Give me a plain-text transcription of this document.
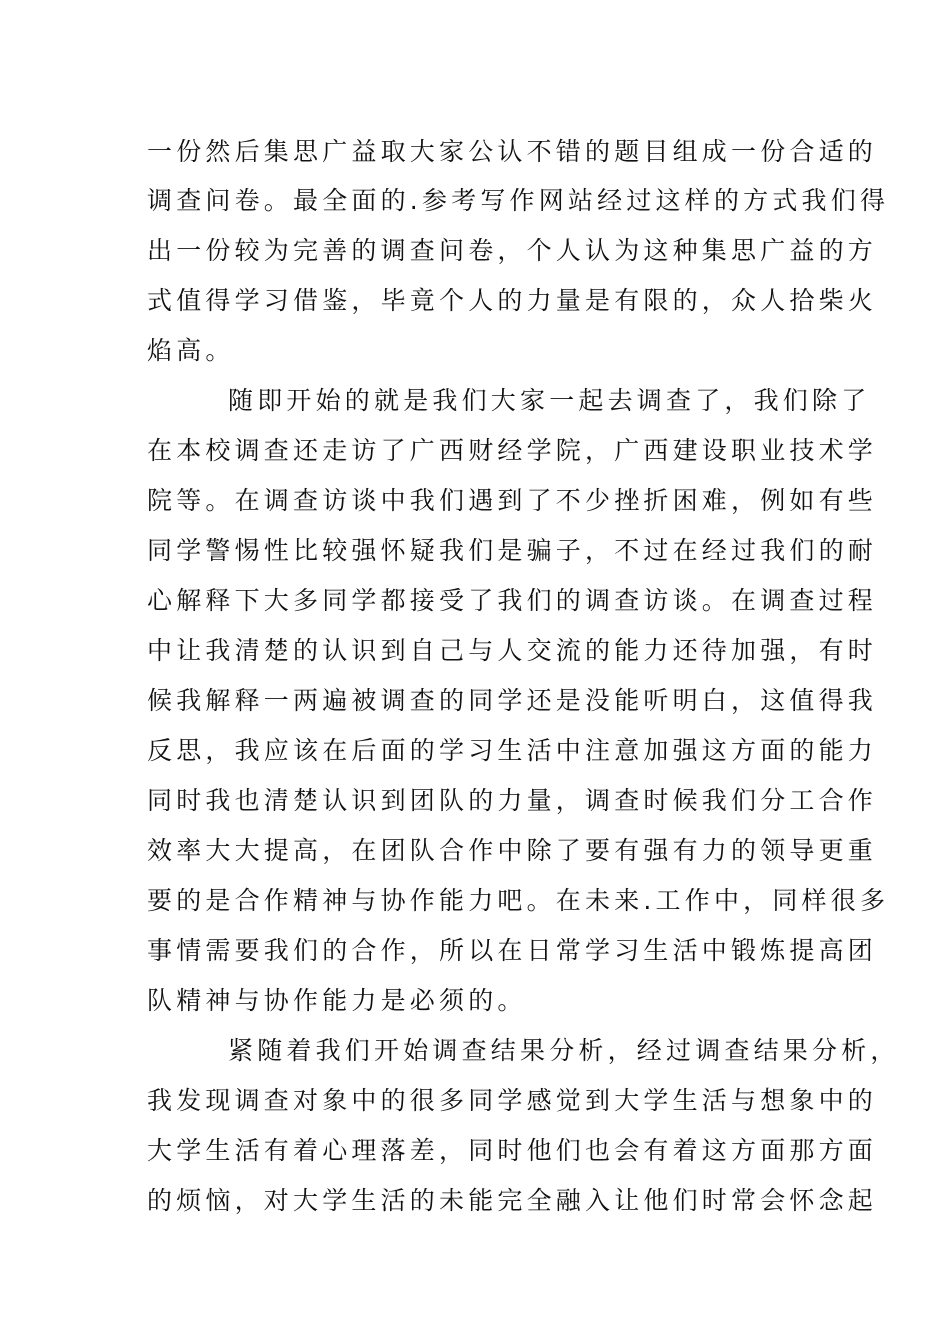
一份然后集思广益取大家公认不错的题目组成一份合适的
调查问卷。最全面的.参考写作网站经过这样的方式我们得
出一份较为完善的调查问卷，个人认为这种集思广益的方
式值得学习借鉴，毕竟个人的力量是有限的，众人拾柴火
焰高。
随即开始的就是我们大家一起去调查了，我们除了
在本校调查还走访了广西财经学院，广西建设职业技术学
院等。在调查访谈中我们遇到了不少挫折困难，例如有些
同学警惕性比较强怀疑我们是骗子，不过在经过我们的耐
心解释下大多同学都接受了我们的调查访谈。在调查过程
中让我清楚的认识到自己与人交流的能力还待加强，有时
候我解释一两遍被调查的同学还是没能听明白，这值得我
反思，我应该在后面的学习生活中注意加强这方面的能力
同时我也清楚认识到团队的力量，调查时候我们分工合作
效率大大提高，在团队合作中除了要有强有力的领导更重
要的是合作精神与协作能力吧。在未来.工作中，同样很多
事情需要我们的合作，所以在日常学习生活中锻炼提高团
队精神与协作能力是必须的。
紧随着我们开始调查结果分析，经过调查结果分析，
我发现调查对象中的很多同学感觉到大学生活与想象中的
大学生活有着心理落差，同时他们也会有着这方面那方面
的烦恼，对大学生活的未能完全融入让他们时常会怀念起
